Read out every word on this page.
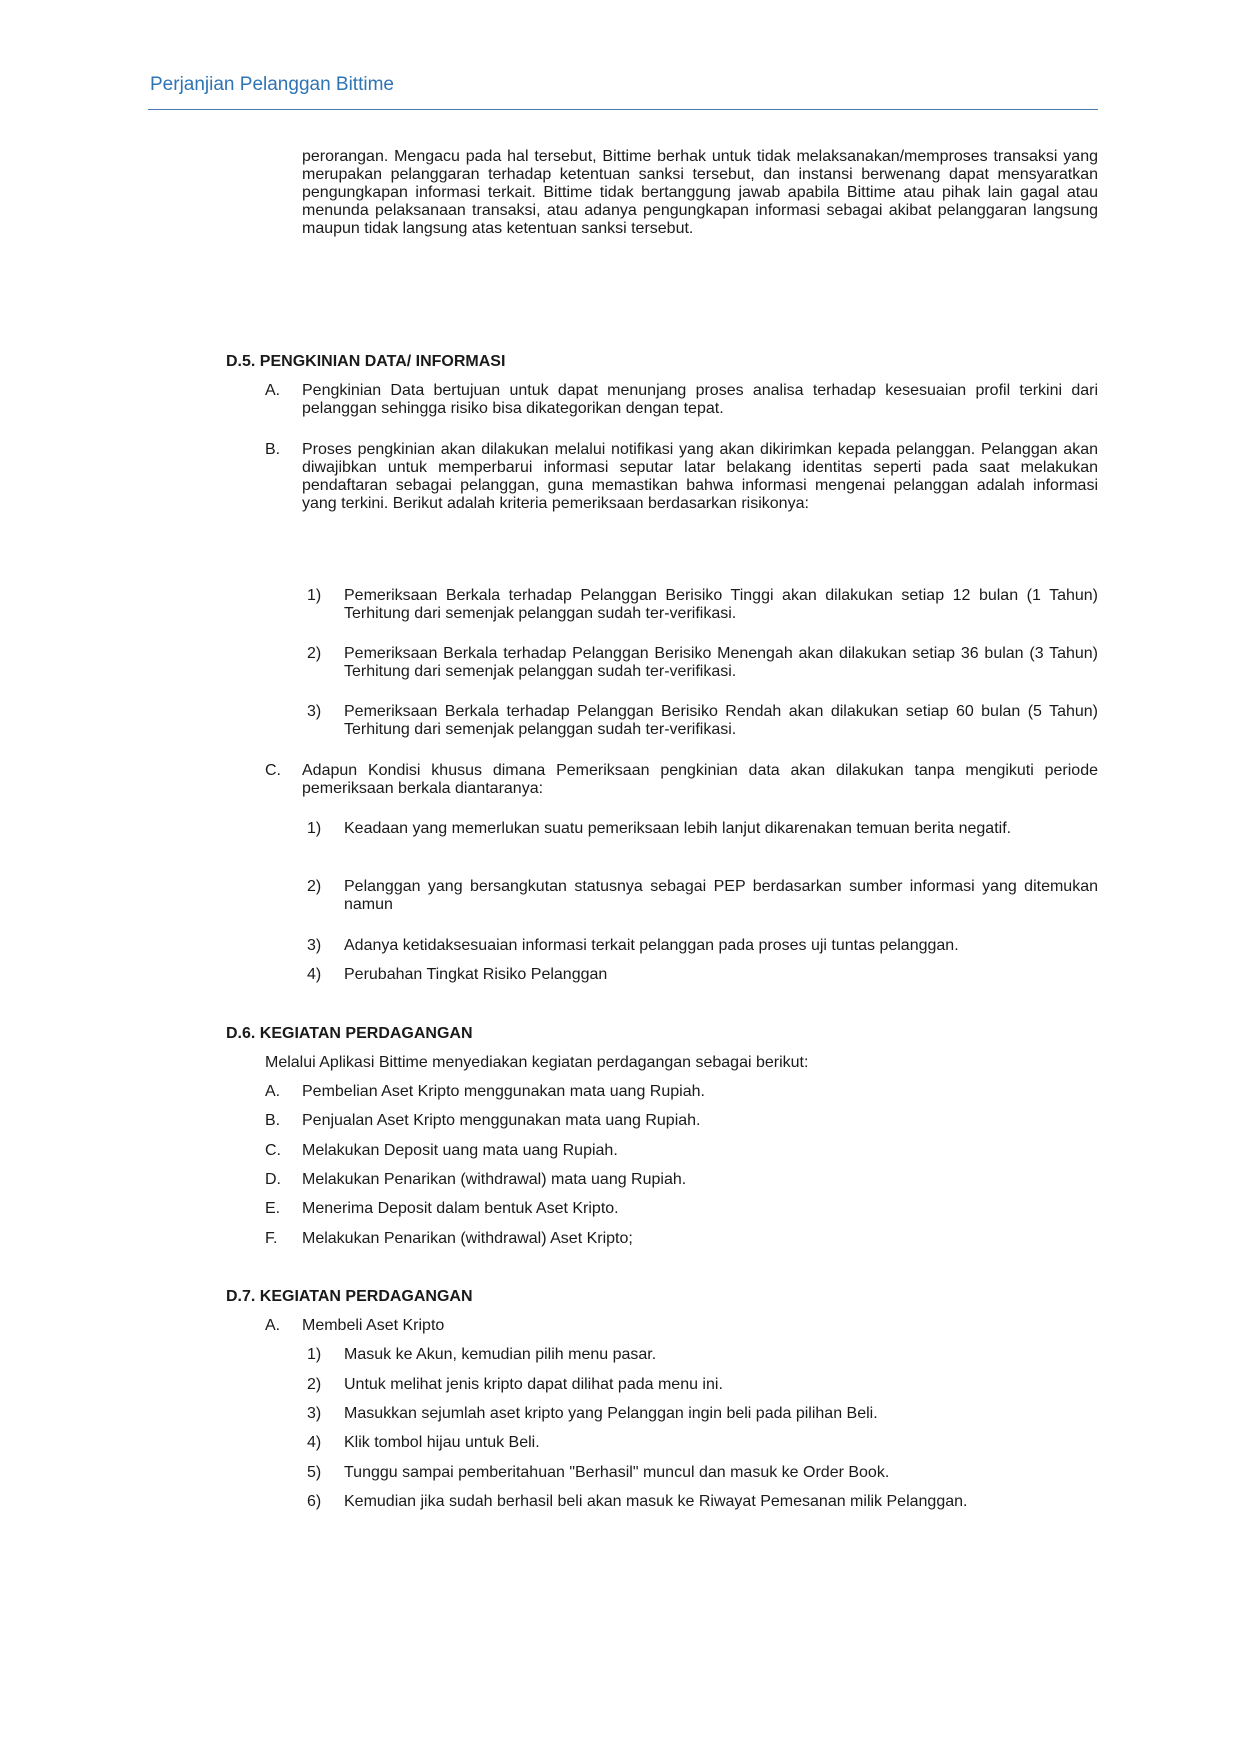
Perjanjian Pelanggan Bittime
perorangan. Mengacu pada hal tersebut, Bittime berhak untuk tidak melaksanakan/memproses transaksi yang merupakan pelanggaran terhadap ketentuan sanksi tersebut, dan instansi berwenang dapat mensyaratkan pengungkapan informasi terkait. Bittime tidak bertanggung jawab apabila Bittime atau pihak lain gagal atau menunda pelaksanaan transaksi, atau adanya pengungkapan informasi sebagai akibat pelanggaran langsung maupun tidak langsung atas ketentuan sanksi tersebut.
D.5. PENGKINIAN DATA/ INFORMASI
A.	Pengkinian Data bertujuan untuk dapat menunjang proses analisa terhadap kesesuaian profil terkini dari pelanggan sehingga risiko bisa dikategorikan dengan tepat.
B.	Proses pengkinian akan dilakukan melalui notifikasi yang akan dikirimkan kepada pelanggan. Pelanggan akan diwajibkan untuk memperbarui informasi seputar latar belakang identitas seperti pada saat melakukan pendaftaran sebagai pelanggan, guna memastikan bahwa informasi mengenai pelanggan adalah informasi yang terkini. Berikut adalah kriteria pemeriksaan berdasarkan risikonya:
1)	Pemeriksaan Berkala terhadap Pelanggan Berisiko Tinggi akan dilakukan setiap 12 bulan (1 Tahun) Terhitung dari semenjak pelanggan sudah ter-verifikasi.
2)	Pemeriksaan Berkala terhadap Pelanggan Berisiko Menengah akan dilakukan setiap 36 bulan (3 Tahun) Terhitung dari semenjak pelanggan sudah ter-verifikasi.
3)	Pemeriksaan Berkala terhadap Pelanggan Berisiko Rendah akan dilakukan setiap 60 bulan (5 Tahun) Terhitung dari semenjak pelanggan sudah ter-verifikasi.
C.	Adapun Kondisi khusus dimana Pemeriksaan pengkinian data akan dilakukan tanpa mengikuti periode pemeriksaan berkala diantaranya:
1)	Keadaan yang memerlukan suatu pemeriksaan lebih lanjut dikarenakan temuan berita negatif.
2)	Pelanggan yang bersangkutan statusnya sebagai PEP berdasarkan sumber informasi yang ditemukan namun
3)	Adanya ketidaksesuaian informasi terkait pelanggan pada proses uji tuntas pelanggan.
4)	Perubahan Tingkat Risiko Pelanggan
D.6. KEGIATAN PERDAGANGAN
Melalui Aplikasi Bittime menyediakan kegiatan perdagangan sebagai berikut:
A.	Pembelian Aset Kripto menggunakan mata uang Rupiah.
B.	Penjualan Aset Kripto menggunakan mata uang Rupiah.
C.	Melakukan Deposit uang mata uang Rupiah.
D.	Melakukan Penarikan (withdrawal) mata uang Rupiah.
E.	Menerima Deposit dalam bentuk Aset Kripto.
F.	Melakukan Penarikan (withdrawal) Aset Kripto;
D.7. KEGIATAN PERDAGANGAN
A.	Membeli Aset Kripto
1)	Masuk ke Akun, kemudian pilih menu pasar.
2)	Untuk melihat jenis kripto dapat dilihat pada menu ini.
3)	Masukkan sejumlah aset kripto yang Pelanggan ingin beli pada pilihan Beli.
4)	Klik tombol hijau untuk Beli.
5)	Tunggu sampai pemberitahuan "Berhasil" muncul dan masuk ke Order Book.
6)	Kemudian jika sudah berhasil beli akan masuk ke Riwayat Pemesanan milik Pelanggan.
